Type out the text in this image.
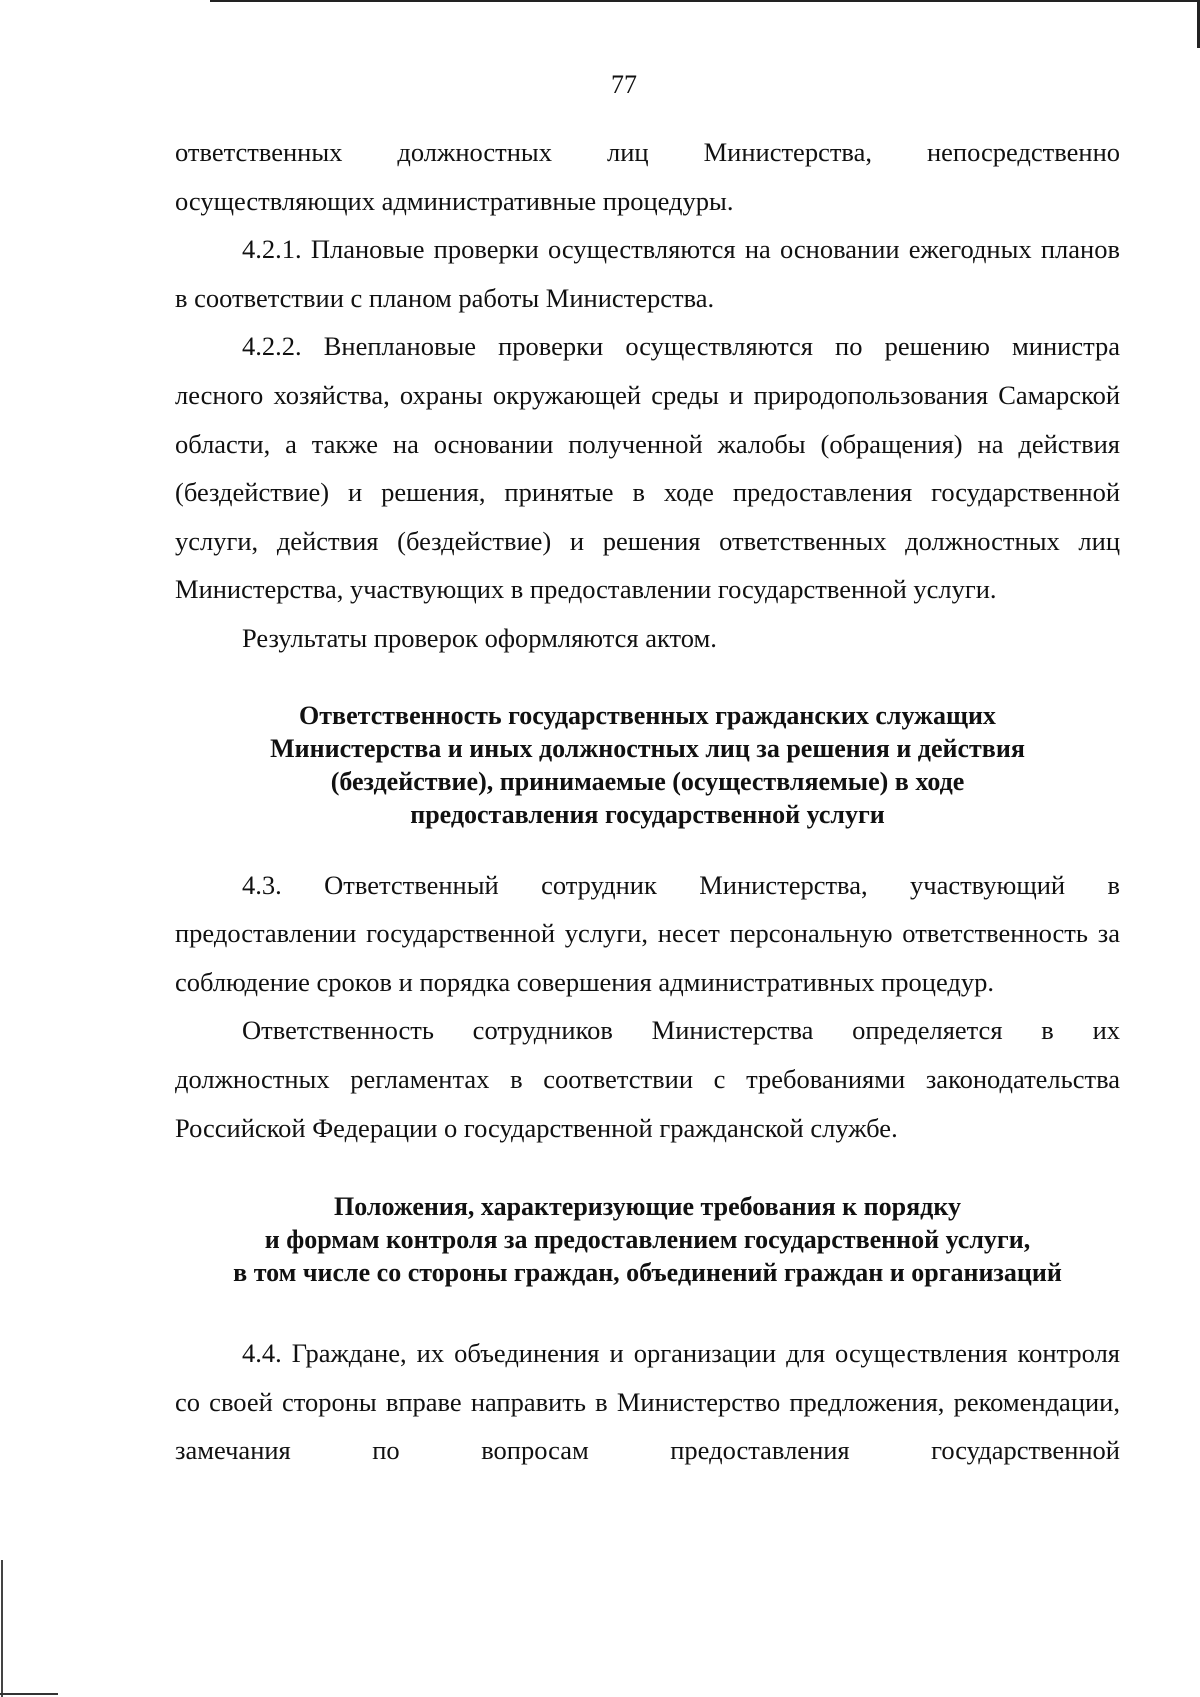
77

ответственных должностных лиц Министерства, непосредственно осуществляющих административные процедуры.

4.2.1. Плановые проверки осуществляются на основании ежегодных планов в соответствии с планом работы Министерства.

4.2.2. Внеплановые проверки осуществляются по решению министра лесного хозяйства, охраны окружающей среды и природопользования Самарской области, а также на основании полученной жалобы (обращения) на действия (бездействие) и решения, принятые в ходе предоставления государственной услуги, действия (бездействие) и решения ответственных должностных лиц Министерства, участвующих в предоставлении государственной услуги.

Результаты проверок оформляются актом.

Ответственность государственных гражданских служащих
Министерства и иных должностных лиц за решения и действия
(бездействие), принимаемые (осуществляемые) в ходе
предоставления государственной услуги

4.3. Ответственный сотрудник Министерства, участвующий в предоставлении государственной услуги, несет персональную ответственность за соблюдение сроков и порядка совершения административных процедур.

Ответственность сотрудников Министерства определяется в их должностных регламентах в соответствии с требованиями законодательства Российской Федерации о государственной гражданской службе.

Положения, характеризующие требования к порядку
и формам контроля за предоставлением государственной услуги,
в том числе со стороны граждан, объединений граждан и организаций

4.4. Граждане, их объединения и организации для осуществления контроля со своей стороны вправе направить в Министерство предложения, рекомендации, замечания по вопросам предоставления государственной
